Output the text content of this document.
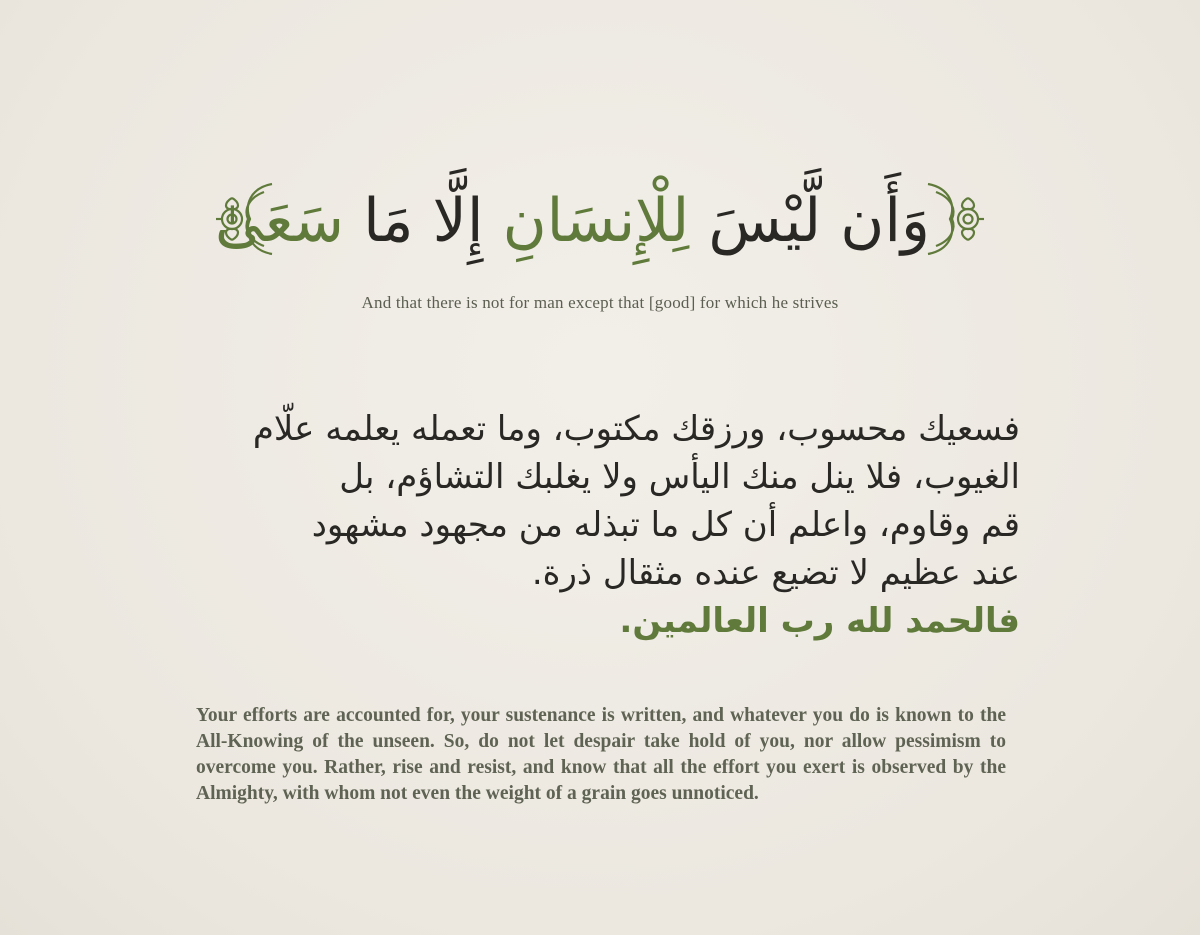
وَأَن لَّيْسَ لِلْإِنسَانِ إِلَّا مَا سَعَىٰ
And that there is not for man except that [good] for which he strives
فسعيك محسوب، ورزقك مكتوب، وما تعمله يعلمه علّام
الغيوب، فلا ينل منك اليأس ولا يغلبك التشاؤم، بل
قم وقاوم، واعلم أن كل ما تبذله من مجهود مشهود
عند عظيم لا تضيع عنده مثقال ذرة.
فالحمد لله رب العالمين.
Your efforts are accounted for, your sustenance is written, and whatever you do is known to the All-Knowing of the unseen. So, do not let despair take hold of you, nor allow pessimism to overcome you. Rather, rise and resist, and know that all the effort you exert is observed by the Almighty, with whom not even the weight of a grain goes unnoticed.
